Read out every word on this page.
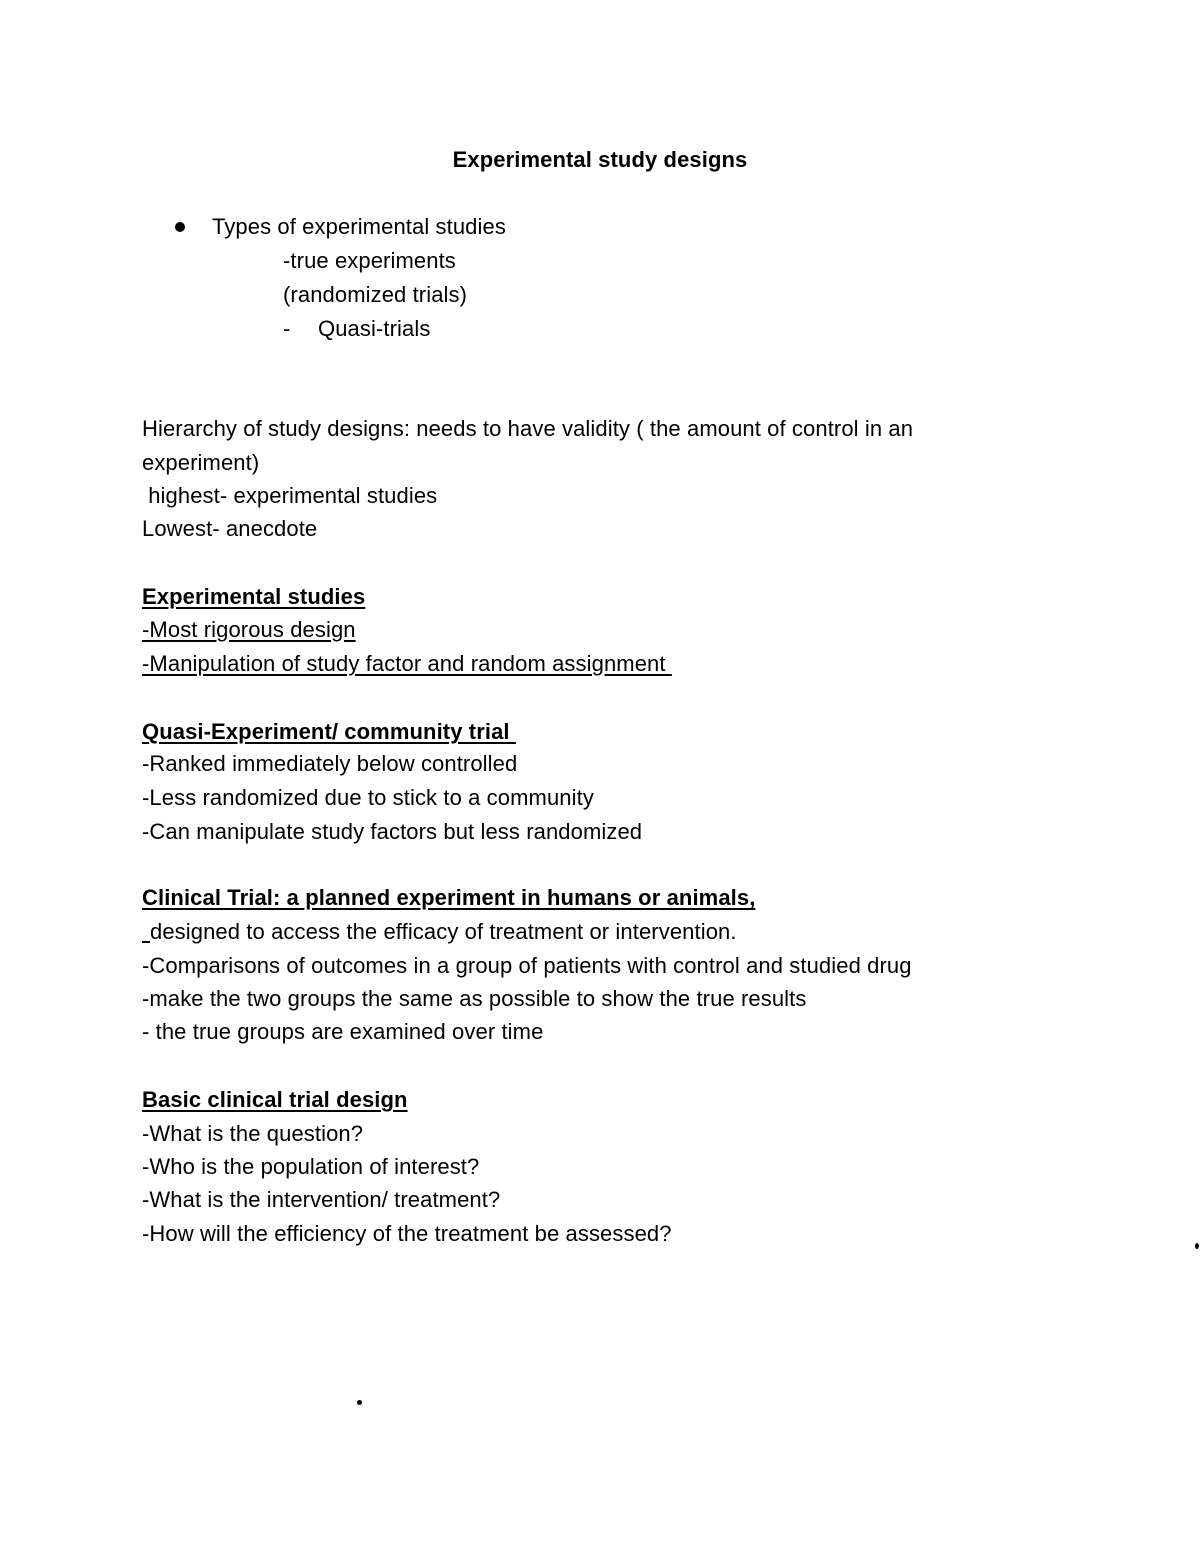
Experimental study designs
Types of experimental studies
-true experiments
(randomized trials)
- Quasi-trials
Hierarchy of study designs: needs to have validity ( the amount of control in an
experiment)
highest- experimental studies
Lowest- anecdote
Experimental studies
-Most rigorous design
-Manipulation of study factor and random assignment
Quasi-Experiment/ community trial
-Ranked immediately below controlled
-Less randomized due to stick to a community
-Can manipulate study factors but less randomized
Clinical Trial: a planned experiment in humans or animals,
designed to access the efficacy of treatment or intervention.
-Comparisons of outcomes in a group of patients with control and studied drug
-make the two groups the same as possible to show the true results
- the true groups are examined over time
Basic clinical trial design
-What is the question?
-Who is the population of interest?
-What is the intervention/ treatment?
-How will the efficiency of the treatment be assessed?
